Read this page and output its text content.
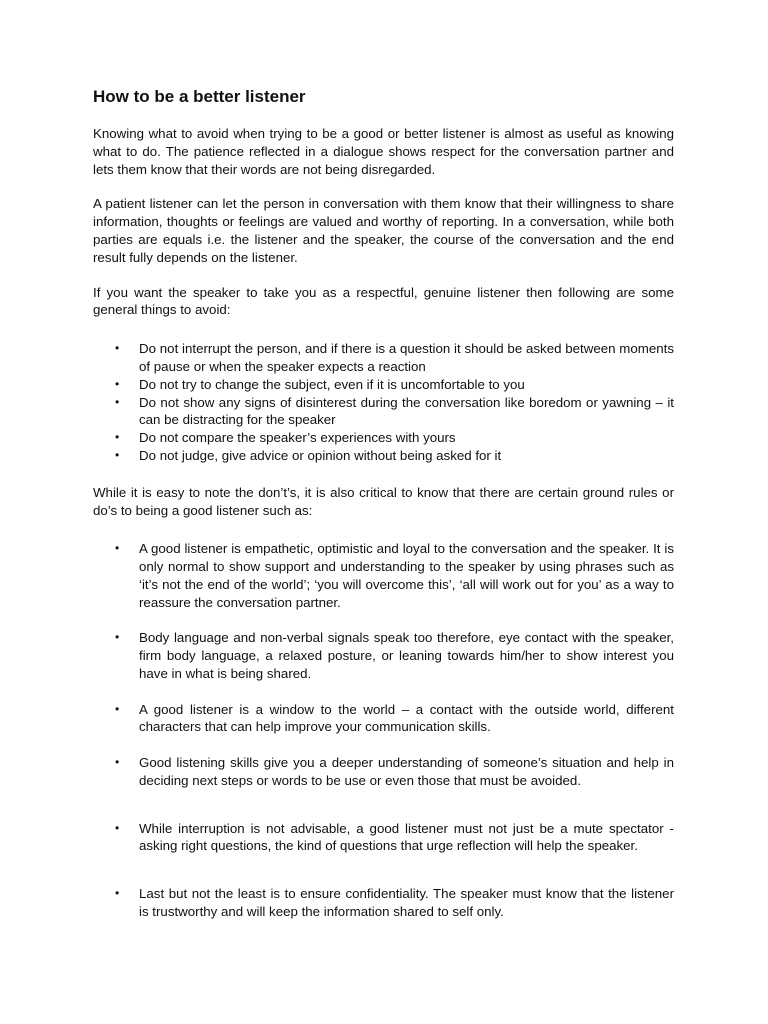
How to be a better listener

Knowing what to avoid when trying to be a good or better listener is almost as useful as knowing what to do. The patience reflected in a dialogue shows respect for the conversation partner and lets them know that their words are not being disregarded.

A patient listener can let the person in conversation with them know that their willingness to share information, thoughts or feelings are valued and worthy of reporting. In a conversation, while both parties are equals i.e. the listener and the speaker, the course of the conversation and the end result fully depends on the listener.

If you want the speaker to take you as a respectful, genuine listener then following are some general things to avoid:

• Do not interrupt the person, and if there is a question it should be asked between moments of pause or when the speaker expects a reaction
• Do not try to change the subject, even if it is uncomfortable to you
• Do not show any signs of disinterest during the conversation like boredom or yawning – it can be distracting for the speaker
• Do not compare the speaker’s experiences with yours
• Do not judge, give advice or opinion without being asked for it

While it is easy to note the don’t’s, it is also critical to know that there are certain ground rules or do’s to being a good listener such as:

• A good listener is empathetic, optimistic and loyal to the conversation and the speaker. It is only normal to show support and understanding to the speaker by using phrases such as ‘it’s not the end of the world’; ‘you will overcome this’, ‘all will work out for you’ as a way to reassure the conversation partner.
• Body language and non-verbal signals speak too therefore, eye contact with the speaker, firm body language, a relaxed posture, or leaning towards him/her to show interest you have in what is being shared.
• A good listener is a window to the world – a contact with the outside world, different characters that can help improve your communication skills.
• Good listening skills give you a deeper understanding of someone’s situation and help in deciding next steps or words to be use or even those that must be avoided.
• While interruption is not advisable, a good listener must not just be a mute spectator - asking right questions, the kind of questions that urge reflection will help the speaker.
• Last but not the least is to ensure confidentiality. The speaker must know that the listener is trustworthy and will keep the information shared to self only.
